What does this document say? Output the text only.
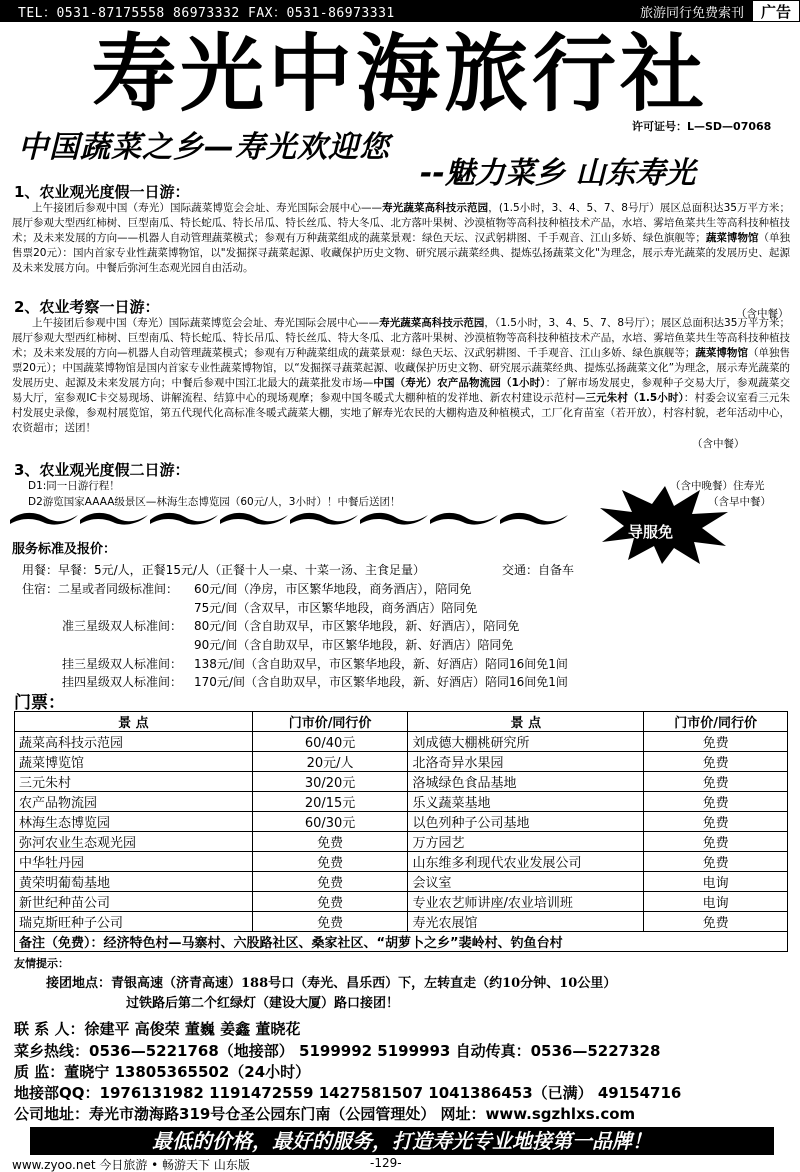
TEL：0531-87175558 86973332 FAX：0531-86973331	旅游同行免费索刊	广告
寿光中海旅行社
中国蔬菜之乡—寿光欢迎您
许可证号：L—SD—07068
--魅力菜乡 山东寿光
1、农业观光度假一日游：
上午接团后参观中国（寿光）国际蔬菜博览会会址、寿光国际会展中心——寿光蔬菜高科技示范园，(1.5小时，3、4、5、7、8号厅）展区总面积达35万平方米；展厅参观大型西红柿树、巨型南瓜、特长蛇瓜、特长吊瓜、特长丝瓜、特大冬瓜、北方落叶果树、沙漠植物等高科技种植技术产品，水培、雾培鱼菜共生等高科技种植技术；及未来发展的方向——机器人自动管理蔬菜模式；参观有万种蔬菜组成的蔬菜景观：绿色天坛、汉武躬耕图、千手观音、江山多娇、绿色旗舰等；蔬菜博物馆（单独售票20元）：国内首家专业性蔬菜博物馆，以"发掘探寻蔬菜起源、收藏保护历史文物、研究展示蔬菜经典、提炼弘扬蔬菜文化"为理念，展示寿光蔬菜的发展历史、起源及未来发展方向。中餐后弥河生态观光园自由活动。
（含中餐）
2、农业考察一日游：
上午接团后参观中国（寿光）国际蔬菜博览会会址、寿光国际会展中心——寿光蔬菜高科技示范园，（1.5小时，3、4、5、7、8号厅）；展区总面积达35万平方米；展厅参观大型西红柿树、巨型南瓜、特长蛇瓜、特长吊瓜、特长丝瓜、特大冬瓜、北方落叶果树、沙漠植物等高科技种植技术产品，水培、雾培鱼菜共生等高科技种植技术；及未来发展的方向—机器人自动管理蔬菜模式；参观有万种蔬菜组成的蔬菜景观：绿色天坛、汉武躬耕图、千手观音、江山多娇、绿色旗舰等；蔬菜博物馆（单独售票20元）；中国蔬菜博物馆是国内首家专业性蔬菜博物馆，以“发掘探寻蔬菜起源、收藏保护历史文物、研究展示蔬菜经典、提炼弘扬蔬菜文化”为理念，展示寿光蔬菜的发展历史、起源及未来发展方向；中餐后参观中国江北最大的蔬菜批发市场—中国（寿光）农产品物流园（1小时）：了解市场发展史，参观种子交易大厅，参观蔬菜交易大厅，室参观IC卡交易现场、讲解流程、结算中心的现场观摩；参观中国冬暖式大棚种植的发祥地、新农村建设示范村—三元朱村（1.5小时）：村委会议室看三元朱村发展史录像，参观村展览馆，第五代现代化高标准冬暖式蔬菜大棚，实地了解寿光农民的大棚构造及种植模式，工厂化育苗室（若开放），村容村貌，老年活动中心，农资超市；送团！
（含中餐）
3、农业观光度假二日游：
D1:同一日游行程！
D2游览国家AAAA级景区—林海生态博览园（60元/人，3小时）！中餐后送团！
（含中晚餐）住寿光
（含早中餐）
导服免
服务标准及报价：
用餐：早餐：5元/人，正餐15元/人（正餐十人一桌、十菜一汤、主食足量）	交通：自备车
住宿：二星或者同级标准间： 60元/间（净房，市区繁华地段，商务酒店），陪同免
75元/间（含双早，市区繁华地段，商务酒店）陪同免
准三星级双人标准间： 80元/间（含自助双早，市区繁华地段，新、好酒店），陪同免
90元/间（含自助双早，市区繁华地段，新、好酒店）陪同免
挂三星级双人标准间： 138元/间（含自助双早，市区繁华地段，新、好酒店）陪同16间免1间
挂四星级双人标准间： 170元/间（含自助双早，市区繁华地段，新、好酒店）陪同16间免1间
门票：
景 点	门市价/同行价	景 点	门市价/同行价
蔬菜高科技示范园	60/40元	刘成德大棚桃研究所	免费
蔬菜博览馆	20元/人	北洛奇异水果园	免费
三元朱村	30/20元	洛城绿色食品基地	免费
农产品物流园	20/15元	乐义蔬菜基地	免费
林海生态博览园	60/30元	以色列种子公司基地	免费
弥河农业生态观光园	免费	万方园艺	免费
中华牡丹园	免费	山东维多利现代农业发展公司	免费
黄荣明葡萄基地	免费	会议室	电询
新世纪种苗公司	免费	专业农艺师讲座/农业培训班	电询
瑞克斯旺种子公司	免费	寿光农展馆	免费
备注（免费）：经济特色村—马寨村、六股路社区、桑家社区、“胡萝卜之乡”裴岭村、钓鱼台村			
友情提示：
接团地点：青银高速（济青高速）188号口（寿光、昌乐西）下，左转直走（约10分钟、10公里）
过铁路后第二个红绿灯（建设大厦）路口接团！
联 系 人：徐建平 高俊荣 董巍 姜鑫 董晓花
菜乡热线：0536—5221768（地接部） 5199992 5199993 自动传真：0536—5227328
质 监：董晓宁 13805365502（24小时）
地接部QQ：1976131982 1191472559 1427581507 1041386453（已满） 49154716
公司地址：寿光市渤海路319号仓圣公园东门南（公园管理处） 网址：www.sgzhlxs.com
最低的价格，最好的服务，打造寿光专业地接第一品牌！
www.zyoo.net 今日旅游 • 畅游天下 山东版	-129-
